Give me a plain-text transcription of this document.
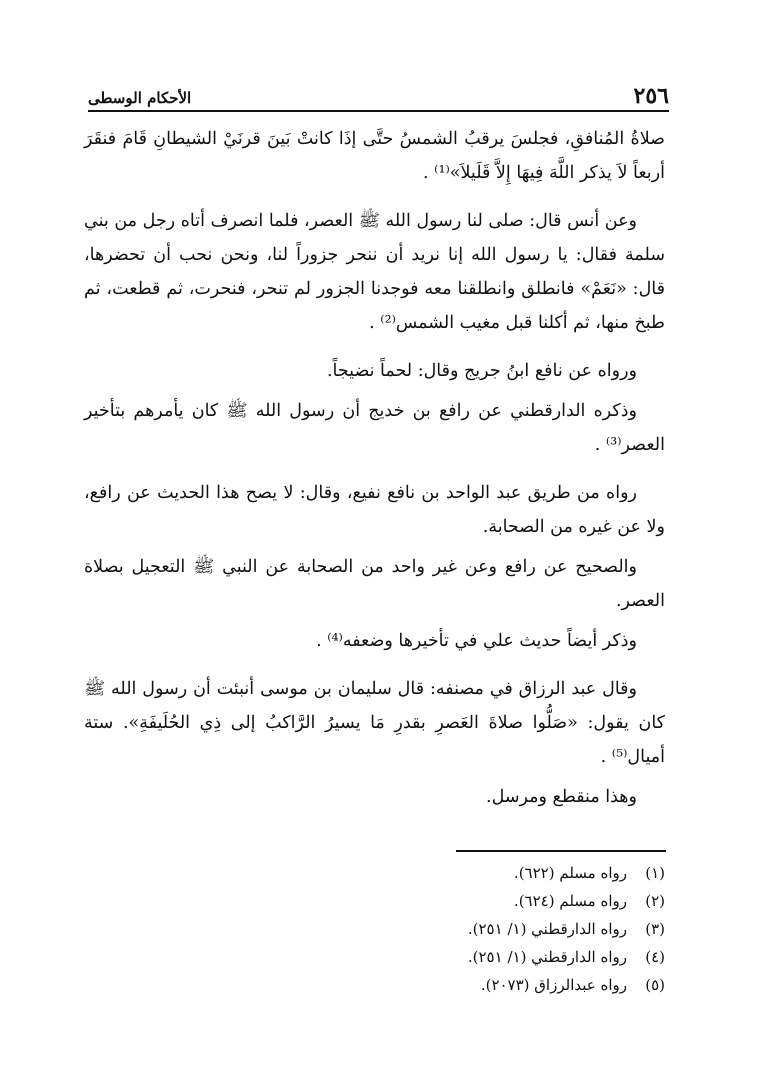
٢٥٦
الأحكام الوسطى

صلاةُ المُنافقِ، فجلسَ يرقبُ الشمسُ حتَّى إذَا كانتْ بَينَ قرنَيْ الشيطانِ قَامَ فنقَرَ أربعاً لاَ يذكر اللَّهَ فِيهَا إِلاَّ قَلَيلاَ»⁽¹⁾ .

وعن أنس قال: صلى لنا رسول الله ﷺ العصر، فلما انصرف أتاه رجل من بني سلمة فقال: يا رسول الله إنا نريد أن ننحر جزوراً لنا، ونحن نحب أن تحضرها، قال: «نَعَمْ» فانطلق وانطلقنا معه فوجدنا الجزور لم تنحر، فنحرت، ثم قطعت، ثم طبخ منها، ثم أكلنا قبل مغيب الشمس⁽²⁾ .

ورواه عن نافع ابنُ جريج وقال: لحماً نضيجاً.

وذكره الدارقطني عن رافع بن خديج أن رسول الله ﷺ كان يأمرهم بتأخير العصر⁽³⁾ .

رواه من طريق عبد الواحد بن نافع نفيع، وقال: لا يصح هذا الحديث عن رافع، ولا عن غيره من الصحابة.

والصحيح عن رافع وعن غير واحد من الصحابة عن النبي ﷺ التعجيل بصلاة العصر.

وذكر أيضاً حديث علي في تأخيرها وضعفه⁽⁴⁾ .

وقال عبد الرزاق في مصنفه: قال سليمان بن موسى أنبئت أن رسول الله ﷺ كان يقول: «صَلُّوا صلاةَ العَصرِ بقدرِ مَا يسيرُ الرَّاكبُ إلى ذِي الحُلَيفَةِ». ستة أميال⁽⁵⁾ .

وهذا منقطع ومرسل.

(١)
رواه مسلم (٦٢٢).
(٢)
رواه مسلم (٦٢٤).
(٣)
رواه الدارقطني (١/ ٢٥١).
(٤)
رواه الدارقطني (١/ ٢٥١).
(٥)
رواه عبدالرزاق (٢٠٧٣).
